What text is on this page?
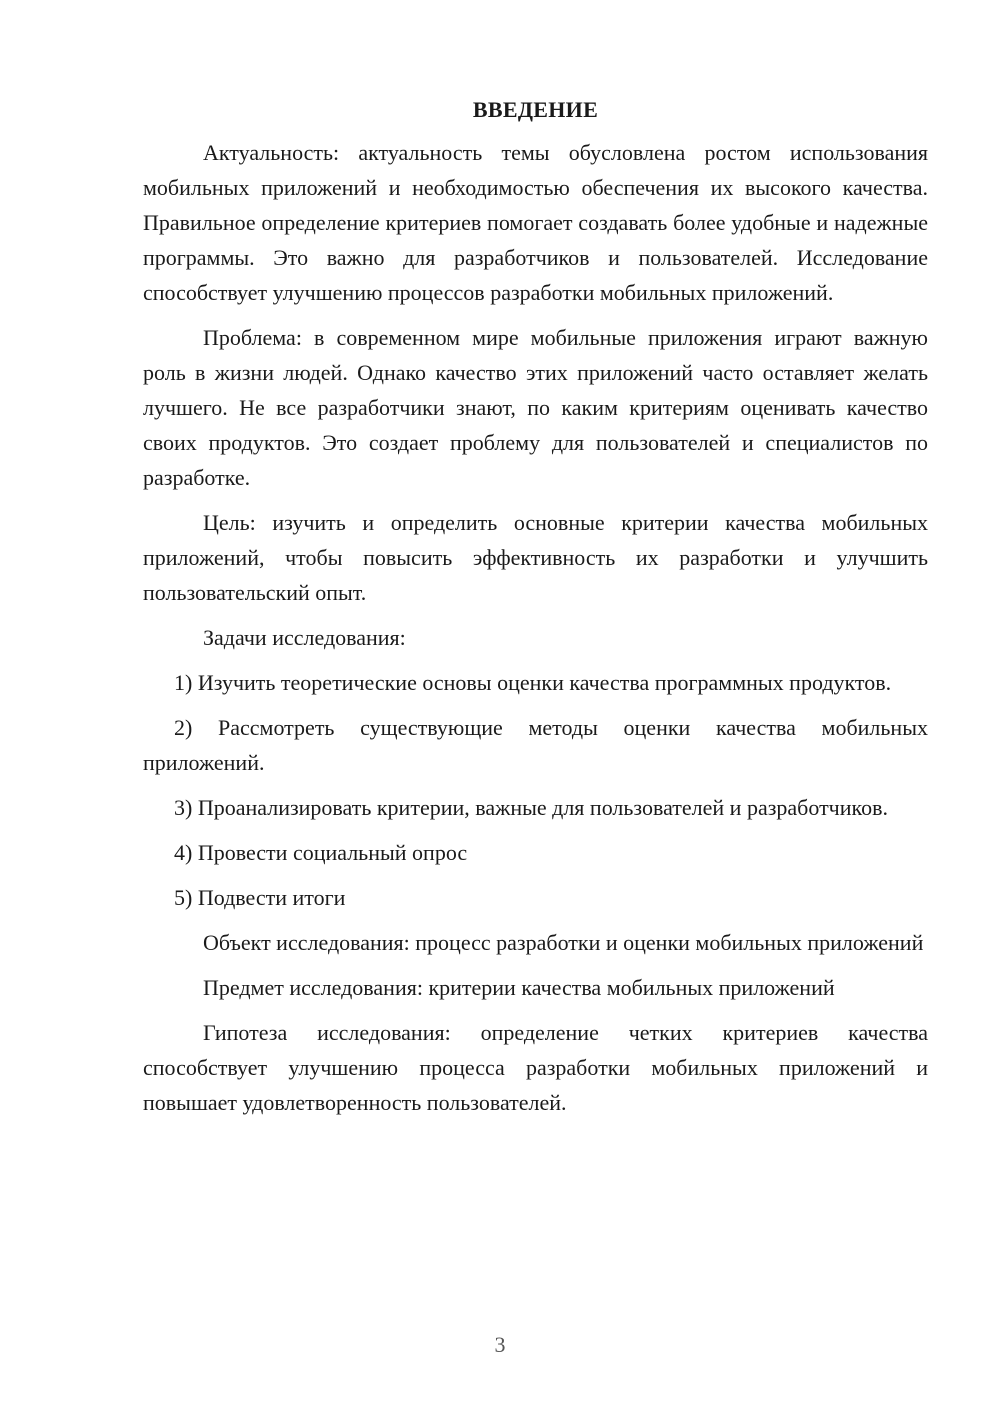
ВВЕДЕНИЕ

Актуальность: актуальность темы обусловлена ростом использования мобильных приложений и необходимостью обеспечения их высокого качества. Правильное определение критериев помогает создавать более удобные и надежные программы. Это важно для разработчиков и пользователей. Исследование способствует улучшению процессов разработки мобильных приложений.

Проблема: в современном мире мобильные приложения играют важную роль в жизни людей. Однако качество этих приложений часто оставляет желать лучшего. Не все разработчики знают, по каким критериям оценивать качество своих продуктов. Это создает проблему для пользователей и специалистов по разработке.

Цель: изучить и определить основные критерии качества мобильных приложений, чтобы повысить эффективность их разработки и улучшить пользовательский опыт.

Задачи исследования:

1) Изучить теоретические основы оценки качества программных продуктов.

2) Рассмотреть существующие методы оценки качества мобильных приложений.

3) Проанализировать критерии, важные для пользователей и разработчиков.

4) Провести социальный опрос

5) Подвести итоги

Объект исследования: процесс разработки и оценки мобильных приложений

Предмет исследования: критерии качества мобильных приложений

Гипотеза исследования: определение четких критериев качества способствует улучшению процесса разработки мобильных приложений и повышает удовлетворенность пользователей.

3
